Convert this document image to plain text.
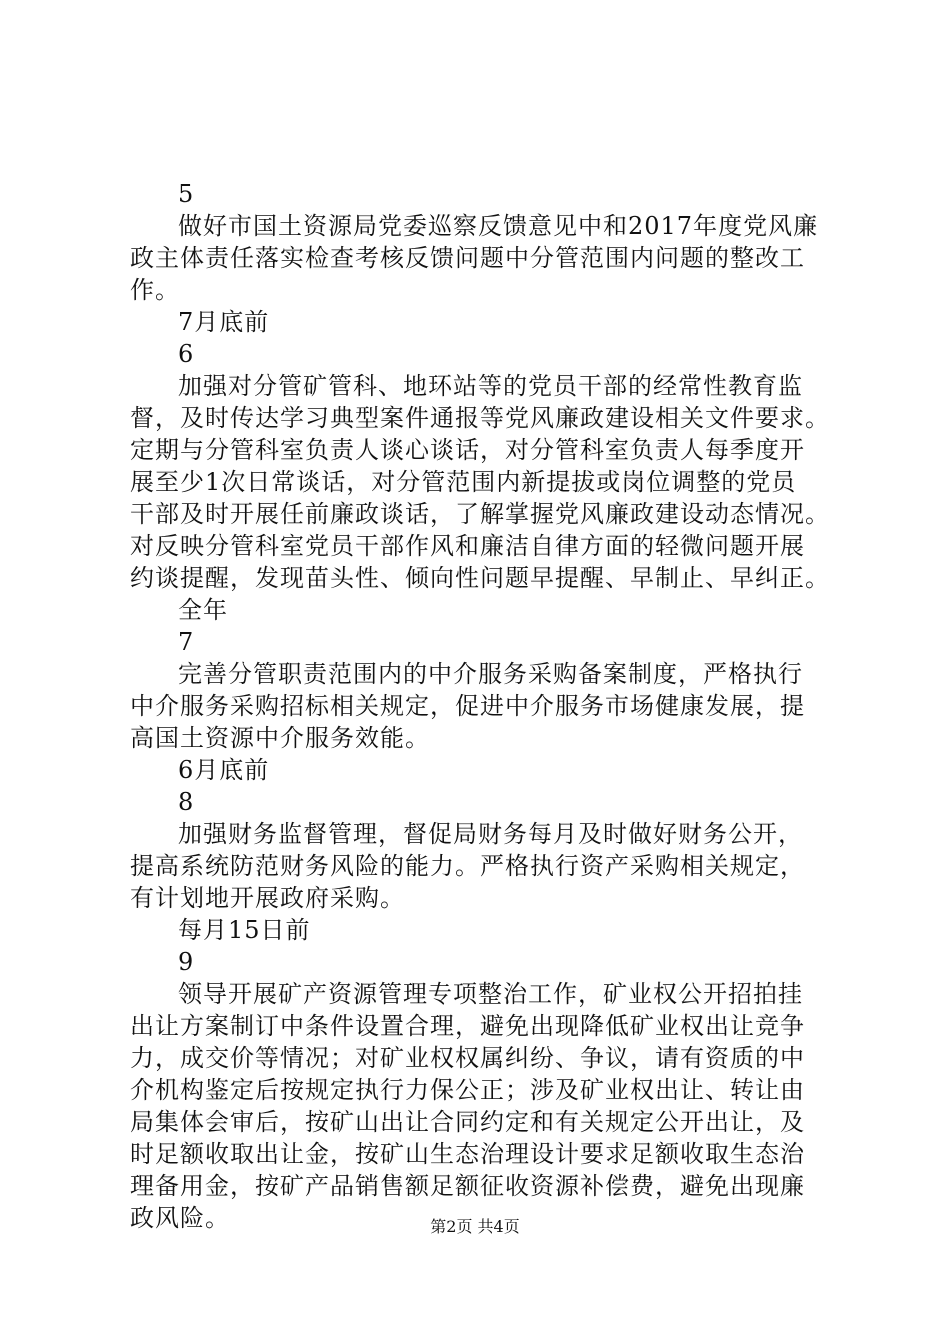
5
做好市国土资源局党委巡察反馈意见中和2017年度党风廉
政主体责任落实检查考核反馈问题中分管范围内问题的整改工
作。
7月底前
6
加强对分管矿管科、地环站等的党员干部的经常性教育监
督，及时传达学习典型案件通报等党风廉政建设相关文件要求。
定期与分管科室负责人谈心谈话，对分管科室负责人每季度开
展至少1次日常谈话，对分管范围内新提拔或岗位调整的党员
干部及时开展任前廉政谈话，了解掌握党风廉政建设动态情况。
对反映分管科室党员干部作风和廉洁自律方面的轻微问题开展
约谈提醒，发现苗头性、倾向性问题早提醒、早制止、早纠正。
全年
7
完善分管职责范围内的中介服务采购备案制度，严格执行
中介服务采购招标相关规定，促进中介服务市场健康发展，提
高国土资源中介服务效能。
6月底前
8
加强财务监督管理，督促局财务每月及时做好财务公开，
提高系统防范财务风险的能力。严格执行资产采购相关规定，
有计划地开展政府采购。
每月15日前
9
领导开展矿产资源管理专项整治工作，矿业权公开招拍挂
出让方案制订中条件设置合理，避免出现降低矿业权出让竞争
力，成交价等情况；对矿业权权属纠纷、争议，请有资质的中
介机构鉴定后按规定执行力保公正；涉及矿业权出让、转让由
局集体会审后，按矿山出让合同约定和有关规定公开出让，及
时足额收取出让金，按矿山生态治理设计要求足额收取生态治
理备用金，按矿产品销售额足额征收资源补偿费，避免出现廉
政风险。	第2页 共4页
